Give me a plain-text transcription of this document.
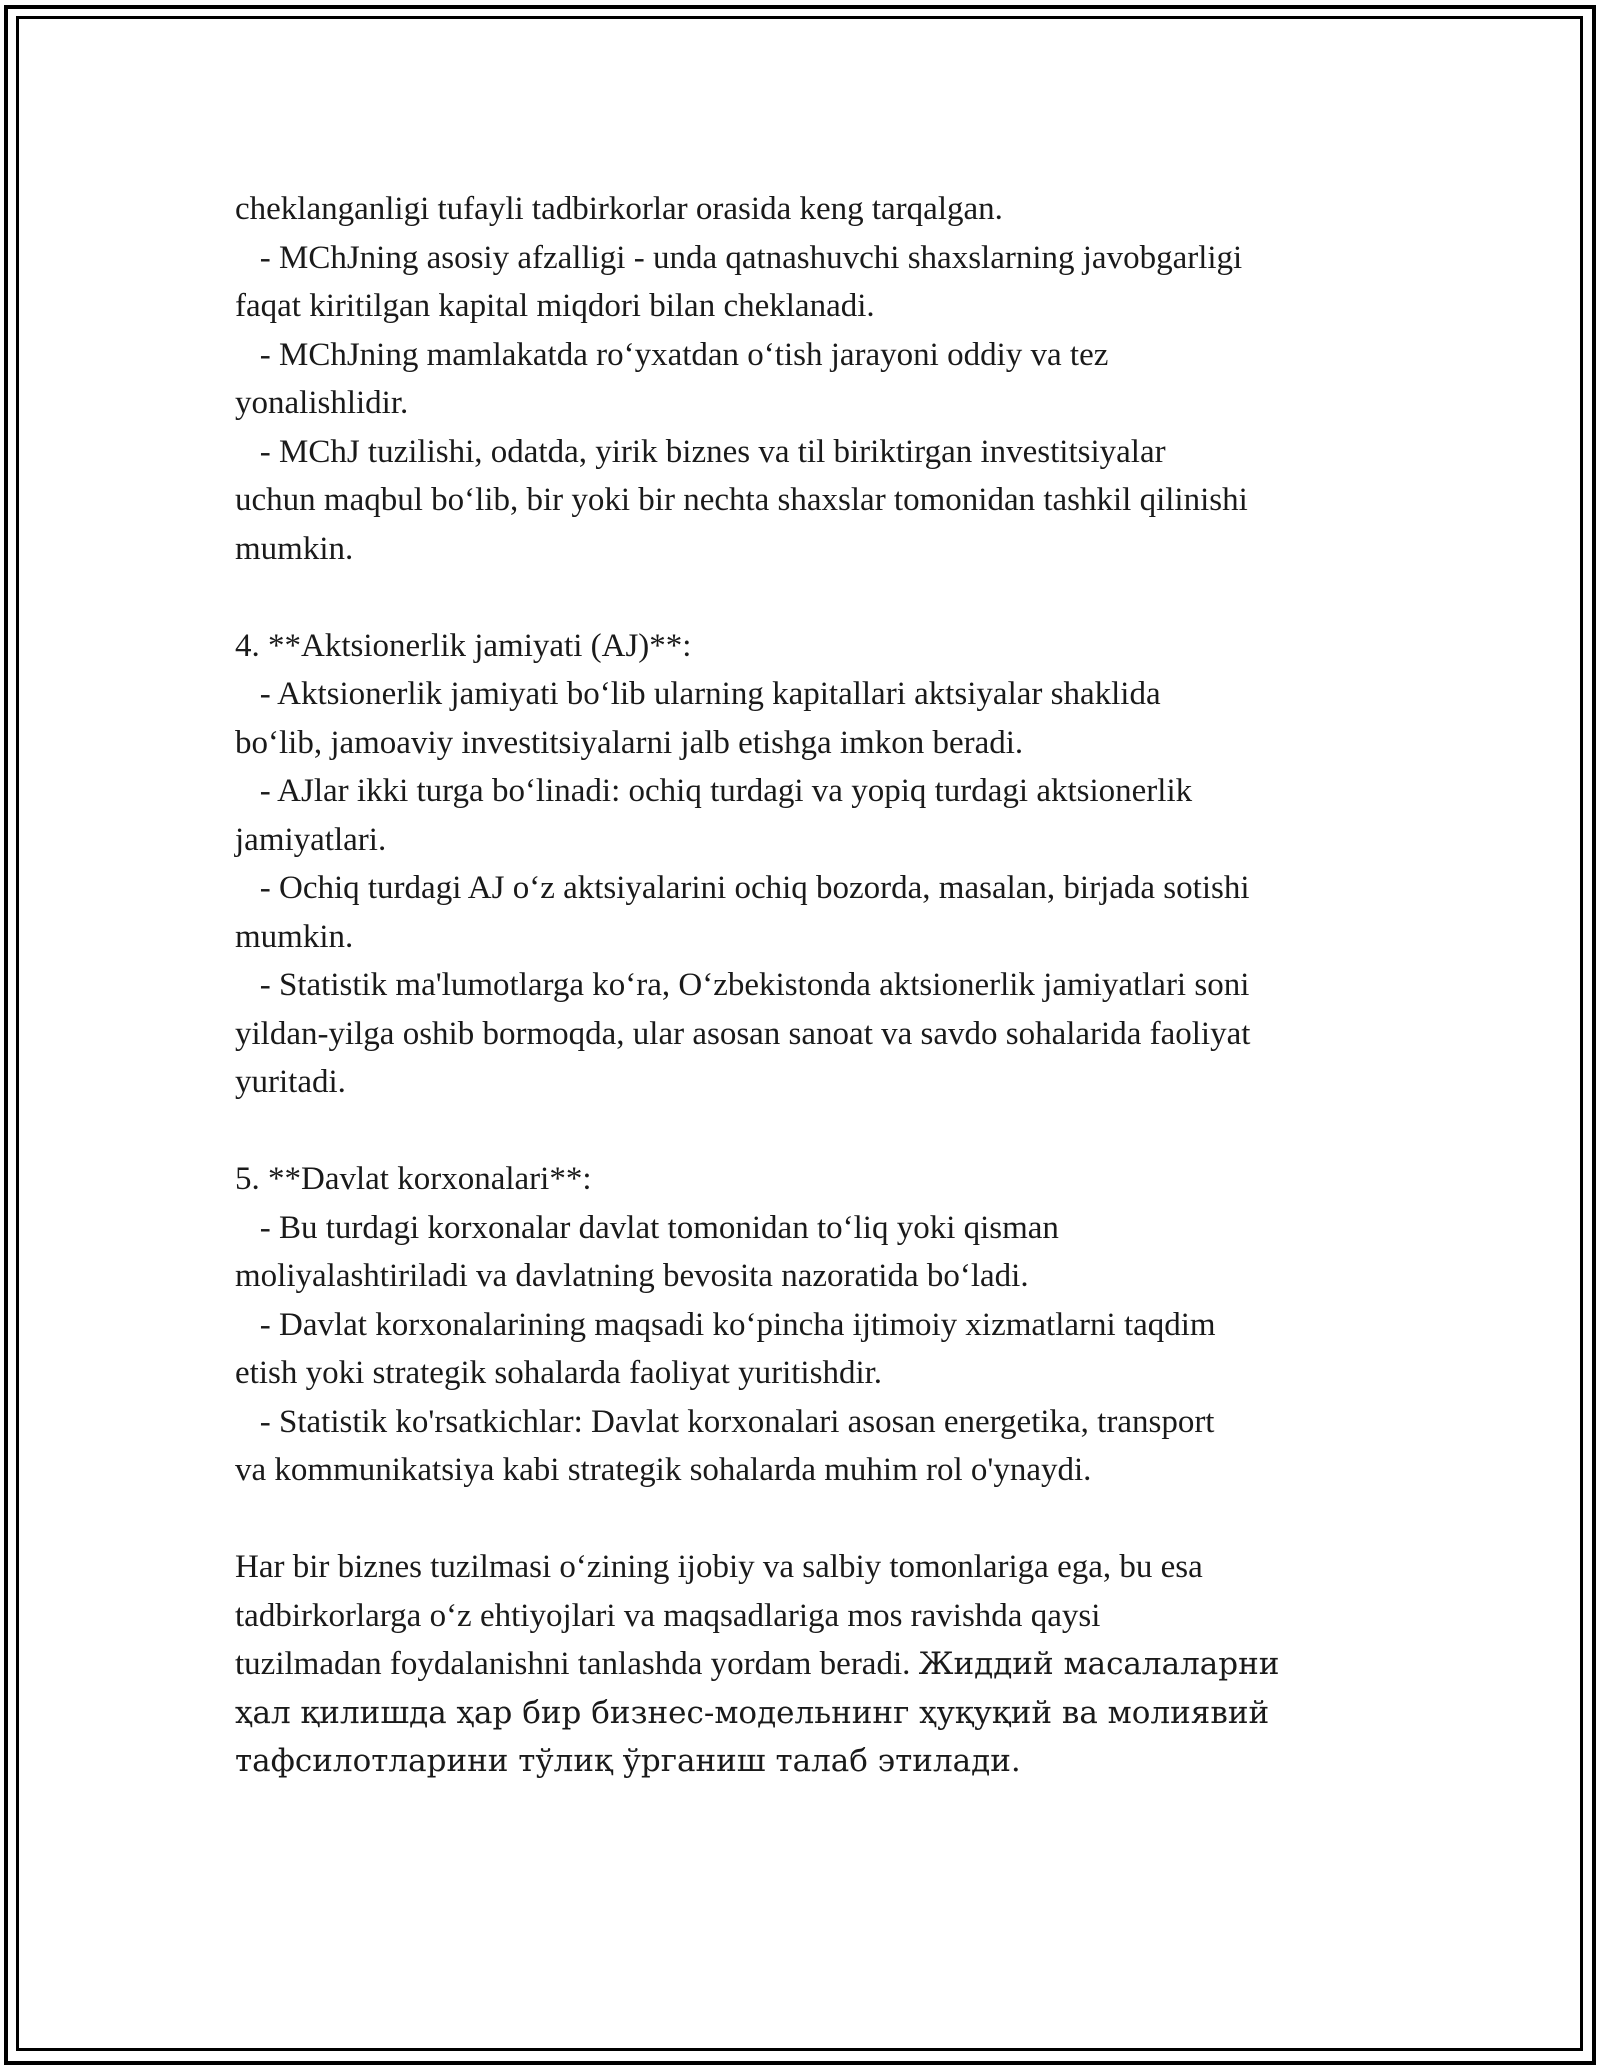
cheklanganligi tufayli tadbirkorlar orasida keng tarqalgan.
- MChJning asosiy afzalligi - unda qatnashuvchi shaxslarning javobgarligi
faqat kiritilgan kapital miqdori bilan cheklanadi.
- MChJning mamlakatda ro‘yxatdan o‘tish jarayoni oddiy va tez
yonalishlidir.
- MChJ tuzilishi, odatda, yirik biznes va til biriktirgan investitsiyalar
uchun maqbul bo‘lib, bir yoki bir nechta shaxslar tomonidan tashkil qilinishi
mumkin.
4. **Aktsionerlik jamiyati (AJ)**:
- Aktsionerlik jamiyati bo‘lib ularning kapitallari aktsiyalar shaklida
bo‘lib, jamoaviy investitsiyalarni jalb etishga imkon beradi.
- AJlar ikki turga bo‘linadi: ochiq turdagi va yopiq turdagi aktsionerlik
jamiyatlari.
- Ochiq turdagi AJ o‘z aktsiyalarini ochiq bozorda, masalan, birjada sotishi
mumkin.
- Statistik ma'lumotlarga ko‘ra, O‘zbekistonda aktsionerlik jamiyatlari soni
yildan-yilga oshib bormoqda, ular asosan sanoat va savdo sohalarida faoliyat
yuritadi.
5. **Davlat korxonalari**:
- Bu turdagi korxonalar davlat tomonidan to‘liq yoki qisman
moliyalashtiriladi va davlatning bevosita nazoratida bo‘ladi.
- Davlat korxonalarining maqsadi ko‘pincha ijtimoiy xizmatlarni taqdim
etish yoki strategik sohalarda faoliyat yuritishdir.
- Statistik ko'rsatkichlar: Davlat korxonalari asosan energetika, transport
va kommunikatsiya kabi strategik sohalarda muhim rol o'ynaydi.
Har bir biznes tuzilmasi o‘zining ijobiy va salbiy tomonlariga ega, bu esa
tadbirkorlarga o‘z ehtiyojlari va maqsadlariga mos ravishda qaysi
tuzilmadan foydalanishni tanlashda yordam beradi. Жиддий масалаларни
ҳал қилишда ҳар бир бизнес-модельнинг ҳуқуқий ва молиявий
тафсилотларини тўлиқ ўрганиш талаб этилади.
